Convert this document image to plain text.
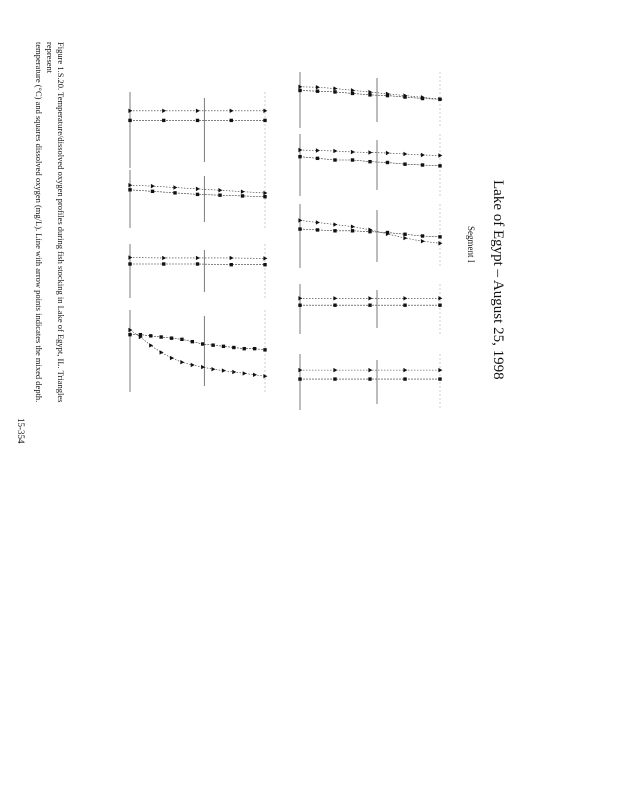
Lake of Egypt – August 25, 1998
Segment I
Figure 1.S.20. Temperature/dissolved oxygen profiles during fish stocking in Lake of Egypt, IL. Triangles represent
temperature (°C) and squares dissolved oxygen (mg/L). Line with arrow points indicates the mixed depth.
15-354
